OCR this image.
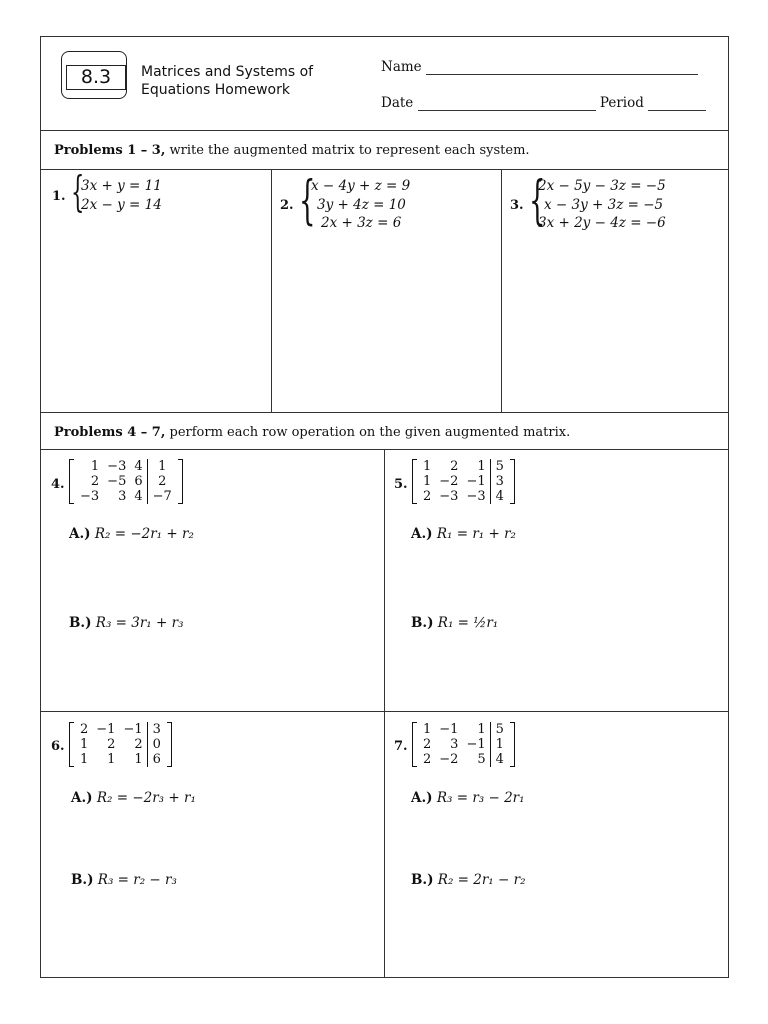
8.3	Matrices and Systems of
Equations Homework
Name
Date	Period
Problems 1 – 3, write the augmented matrix to represent each system.
1. {
3x + y = 11
2x − y = 14	2. {
x − 4y + z = 9
3y + 4z = 10
2x + 3z = 6
3. {
2x − 5y − 3z = −5
x − 3y + 3z = −5
3x + 2y − 4z = −6
Problems 4 – 7, perform each row operation on the given augmented matrix.
4.
1	−3	4	1
2	−5	6	2
−3	3	4	−7
A.) R₂ = −2r₁ + r₂
B.) R₃ = 3r₁ + r₃
5.
1	2	1	5
1	−2	−1	3
2	−3	−3	4
A.) R₁ = r₁ + r₂
B.) R₁ = ½r₁
6.
2	−1	−1	3
1	2	2	0
1	1	1	6
A.) R₂ = −2r₃ + r₁
B.) R₃ = r₂ − r₃
7.
1	−1	1	5
2	3	−1	1
2	−2	5	4
A.) R₃ = r₃ − 2r₁
B.) R₂ = 2r₁ − r₂
